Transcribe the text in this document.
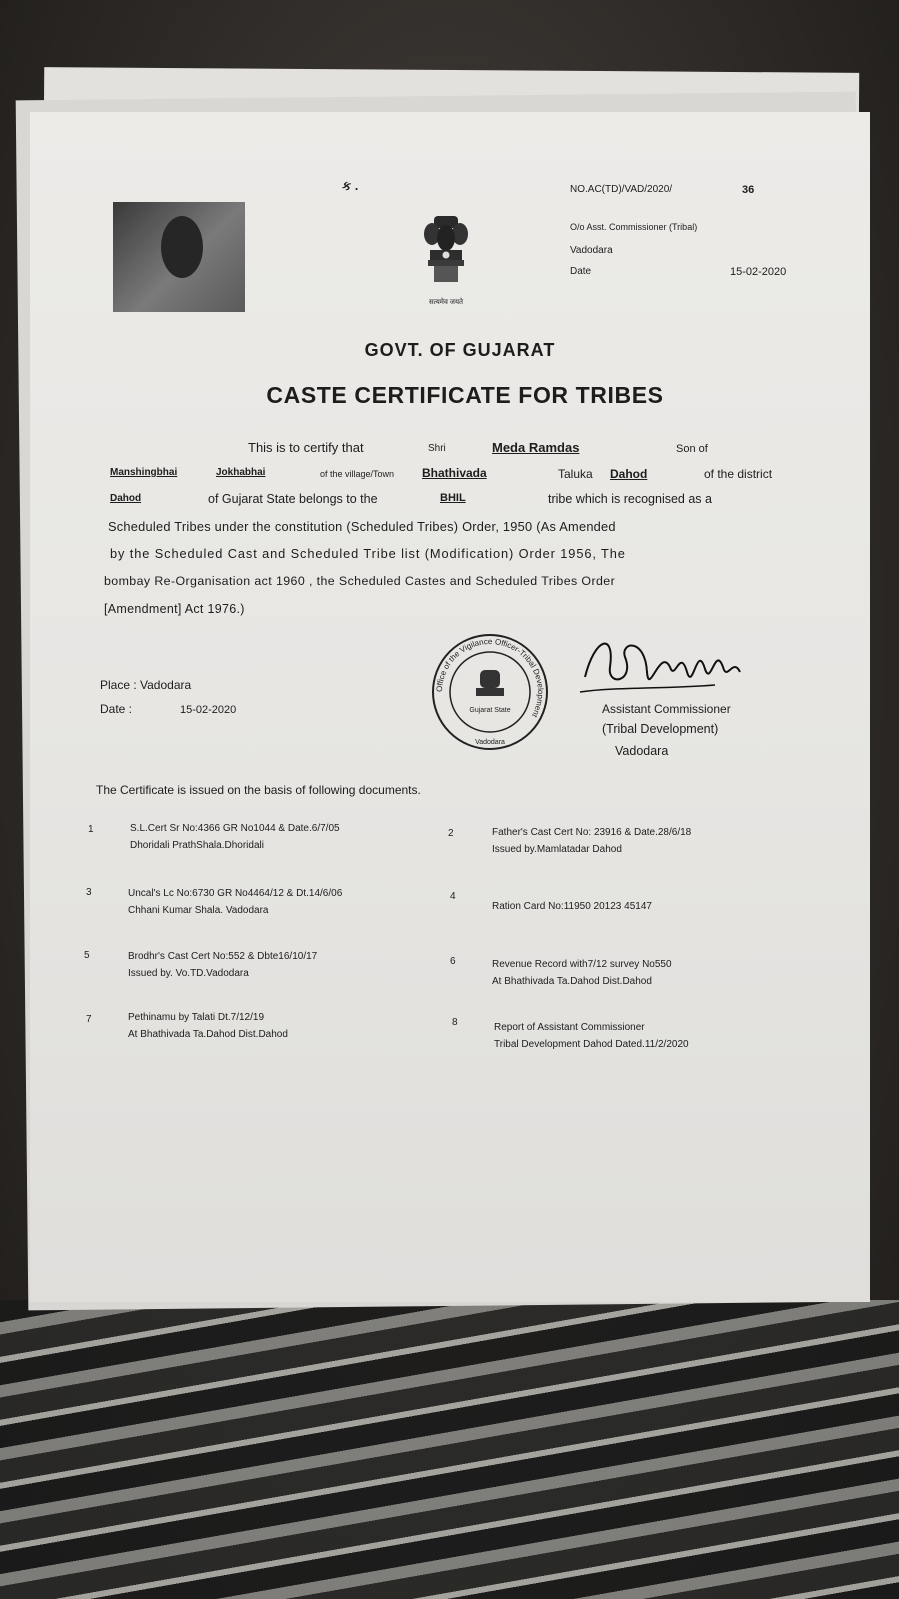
ક .
सत्यमेव जयते
NO.AC(TD)/VAD/2020/	36
O/o Asst. Commissioner (Tribal)
Vadodara
Date	15-02-2020
GOVT. OF GUJARAT
CASTE CERTIFICATE FOR TRIBES
This is to certify that	Shri	Meda Ramdas	Son of
Manshingbhai	Jokhabhai	of the village/Town Bhathivada	Taluka Dahod	of the district
Dahod	of Gujarat State belongs to the	BHIL	tribe which is recognised as a
Scheduled Tribes under the constitution (Scheduled Tribes) Order, 1950 (As Amended
by the Scheduled Cast and Scheduled Tribe list (Modification) Order 1956, The
bombay Re-Organisation act 1960 , the Scheduled Castes and Scheduled Tribes Order
[Amendment] Act 1976.)
Place : Vadodara
Date :	15-02-2020
Office of the Vigilance Officer-Tribal Development
Gujarat State
Vadodara
Assistant Commissioner
(Tribal Development)
Vadodara
The Certificate is issued on the basis of following documents.
1	S.L.Cert Sr No:4366 GR No1044 & Date.6/7/05
Dhoridali PrathShala.Dhoridali
2	Father's Cast Cert No: 23916 & Date.28/6/18
Issued by.Mamlatadar Dahod
3	Uncal's Lc No:6730 GR No4464/12 & Dt.14/6/06
Chhani Kumar Shala. Vadodara
4
Ration Card No:11950 20123 45147
5	Brodhr's Cast Cert No:552 & Dbte16/10/17
Issued by. Vo.TD.Vadodara
6	Revenue Record with7/12 survey No550
At Bhathivada Ta.Dahod Dist.Dahod
7	Pethinamu by Talati Dt.7/12/19
At Bhathivada Ta.Dahod Dist.Dahod
8	Report of Assistant Commissioner
Tribal Development Dahod Dated.11/2/2020
